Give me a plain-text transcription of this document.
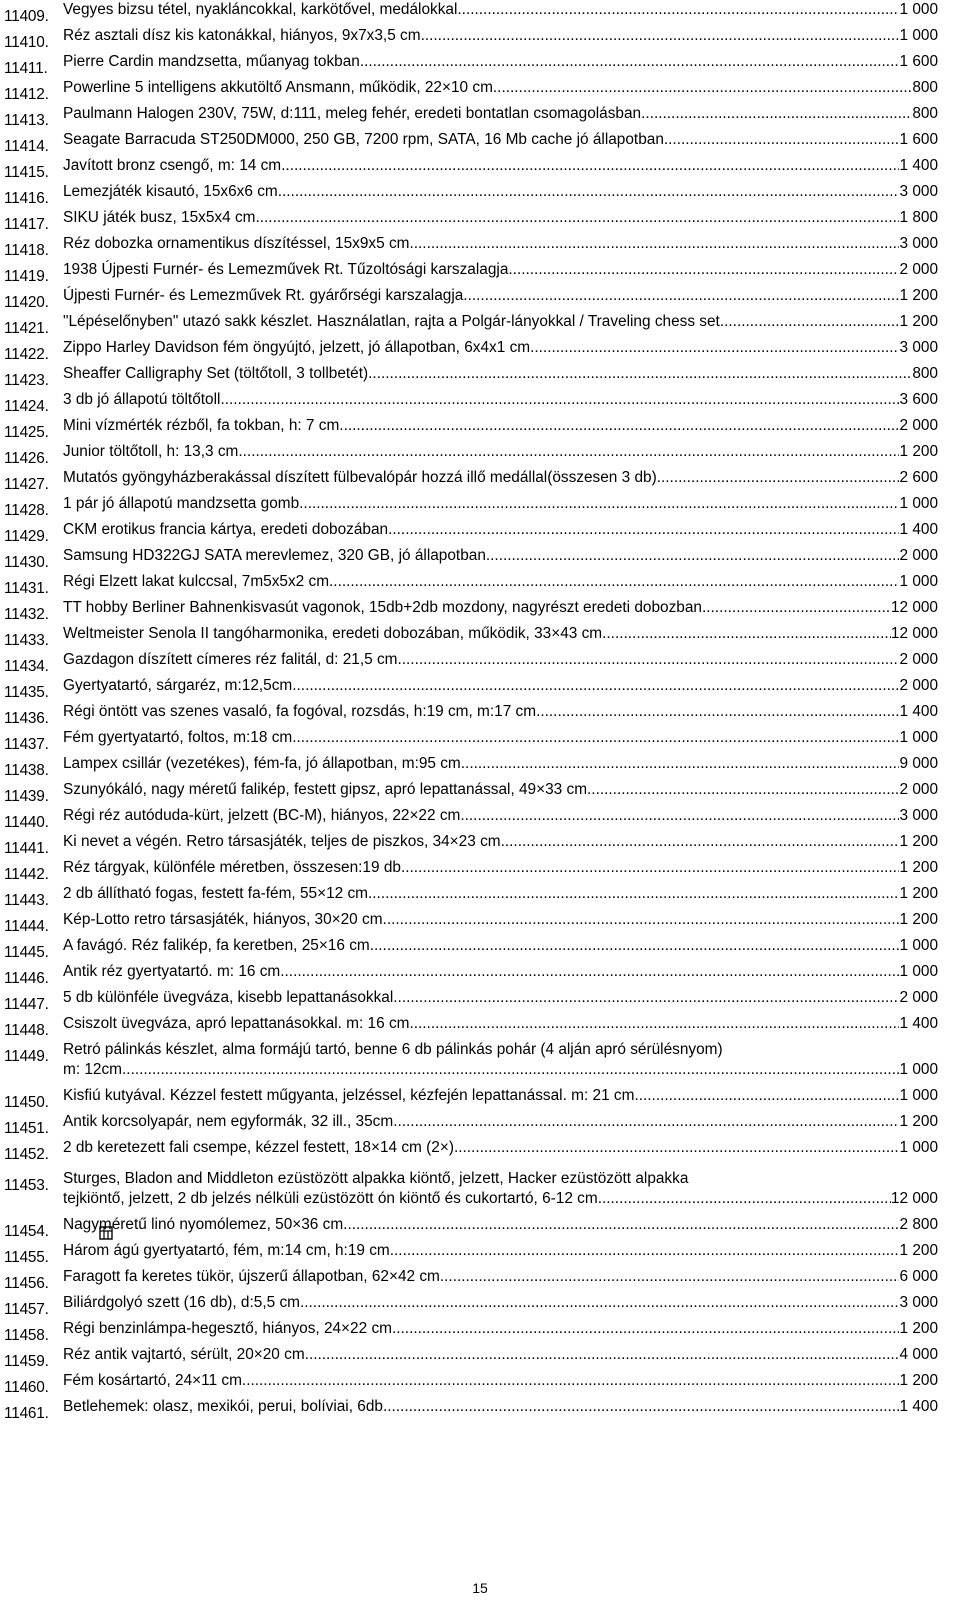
11409. Vegyes bizsu tétel, nyakláncokkal, karkötővel, medálokkal .....	1 000
11410. Réz asztali dísz kis katonákkal, hiányos, 9x7x3,5 cm .....	1 000
11411. Pierre Cardin mandzsetta, műanyag tokban .....	1 600
11412. Powerline 5 intelligens akkutöltő Ansmann, működik, 22×10 cm .....	800
11413. Paulmann Halogen 230V, 75W, d:111, meleg fehér, eredeti bontatlan csomagolásban .....	800
11414. Seagate Barracuda ST250DM000, 250 GB, 7200 rpm, SATA, 16 Mb cache jó állapotban. .....	1 600
11415. Javított bronz csengő, m: 14 cm .....	1 400
11416. Lemezjáték kisautó, 15x6x6 cm .....	3 000
11417. SIKU játék busz, 15x5x4 cm .....	1 800
11418. Réz dobozka ornamentikus díszítéssel, 15x9x5 cm .....	3 000
11419. 1938 Újpesti Furnér- és Lemezművek Rt. Tűzoltósági karszalagja. .....	2 000
11420. Újpesti Furnér- és Lemezművek Rt. gyárőrségi karszalagja. .....	1 200
11421. "Lépéselőnyben" utazó sakk készlet. Használatlan, rajta a Polgár-lányokkal / Traveling chess set .....	1 200
11422. Zippo Harley Davidson fém öngyújtó, jelzett, jó állapotban, 6x4x1 cm .....	3 000
11423. Sheaffer Calligraphy Set (töltőtoll, 3 tollbetét) .....	800
11424. 3 db jó állapotú töltőtoll .....	3 600
11425. Mini vízmérték rézből, fa tokban, h: 7 cm. .....	2 000
11426. Junior töltőtoll, h: 13,3 cm .....	1 200
11427. Mutatós gyöngyházberakással díszített fülbevalópár hozzá illő medállal(összesen 3 db) .....	2 600
11428. 1 pár jó állapotú mandzsetta gomb .....	1 000
11429. CKM erotikus francia kártya, eredeti dobozában .....	1 400
11430. Samsung HD322GJ SATA merevlemez, 320 GB, jó állapotban. .....	2 000
11431. Régi Elzett lakat kulccsal, 7m5x5x2 cm .....	1 000
11432. TT hobby Berliner Bahnenkisvasút vagonok, 15db+2db mozdony, nagyrészt eredeti dobozban .....	12 000
11433. Weltmeister Senola II tangóharmonika, eredeti dobozában, működik, 33×43 cm .....	12 000
11434. Gazdagon díszített címeres réz falitál, d: 21,5 cm .....	2 000
11435. Gyertyatartó, sárgaréz, m:12,5cm. .....	2 000
11436. Régi öntött vas szenes vasaló, fa fogóval, rozsdás, h:19 cm, m:17 cm .....	1 400
11437. Fém gyertyatartó, foltos, m:18 cm .....	1 000
11438. Lampex csillár (vezetékes), fém-fa, jó állapotban, m:95 cm .....	9 000
11439. Szunyókáló, nagy méretű falikép, festett gipsz, apró lepattanással, 49×33 cm .....	2 000
11440. Régi réz autóduda-kürt, jelzett (BC-M), hiányos, 22×22 cm .....	3 000
11441. Ki nevet a végén. Retro társasjáték, teljes de piszkos, 34×23 cm .....	1 200
11442. Réz tárgyak, különféle méretben, összesen:19 db .....	1 200
11443. 2 db állítható fogas, festett fa-fém, 55×12 cm .....	1 200
11444. Kép-Lotto retro társasjáték, hiányos, 30×20 cm. .....	1 200
11445. A favágó. Réz falikép, fa keretben, 25×16 cm .....	1 000
11446. Antik réz gyertyatartó. m: 16 cm .....	1 000
11447. 5 db különféle üvegváza, kisebb lepattanásokkal. .....	2 000
11448. Csiszolt üvegváza, apró lepattanásokkal. m: 16 cm. .....	1 400
11449. Retró pálinkás készlet, alma formájú tartó, benne 6 db pálinkás pohár (4 alján apró sérülésnyom)
m: 12cm .....	1 000
11450. Kisfiú kutyával. Kézzel festett műgyanta, jelzéssel, kézfején lepattanással. m: 21 cm. .....	1 000
11451. Antik korcsolyapár, nem egyformák, 32 ill., 35cm .....	1 200
11452. 2 db keretezett fali csempe, kézzel festett, 18×14 cm (2×) .....	1 000
11453. Sturges, Bladon and Middleton ezüstözött alpakka kiöntő, jelzett, Hacker ezüstözött alpakka
tejkiöntő, jelzett, 2 db jelzés nélküli ezüstözött ón kiöntő és cukortartó, 6-12 cm .....	12 000
11454. Nagyméretű linó nyomólemez, 50×36 cm .....	2 800
11455. Három ágú gyertyatartó, fém, m:14 cm, h:19 cm .....	1 200
11456. Faragott fa keretes tükör, újszerű állapotban, 62×42 cm .....	6 000
11457. Biliárdgolyó szett (16 db), d:5,5 cm .....	3 000
11458. Régi benzinlámpa-hegesztő, hiányos, 24×22 cm .....	1 200
11459. Réz antik vajtartó, sérült, 20×20 cm. .....	4 000
11460. Fém kosártartó, 24×11 cm .....	1 200
11461. Betlehemek: olasz, mexikói, perui, bolíviai, 6db .....	1 400
15
